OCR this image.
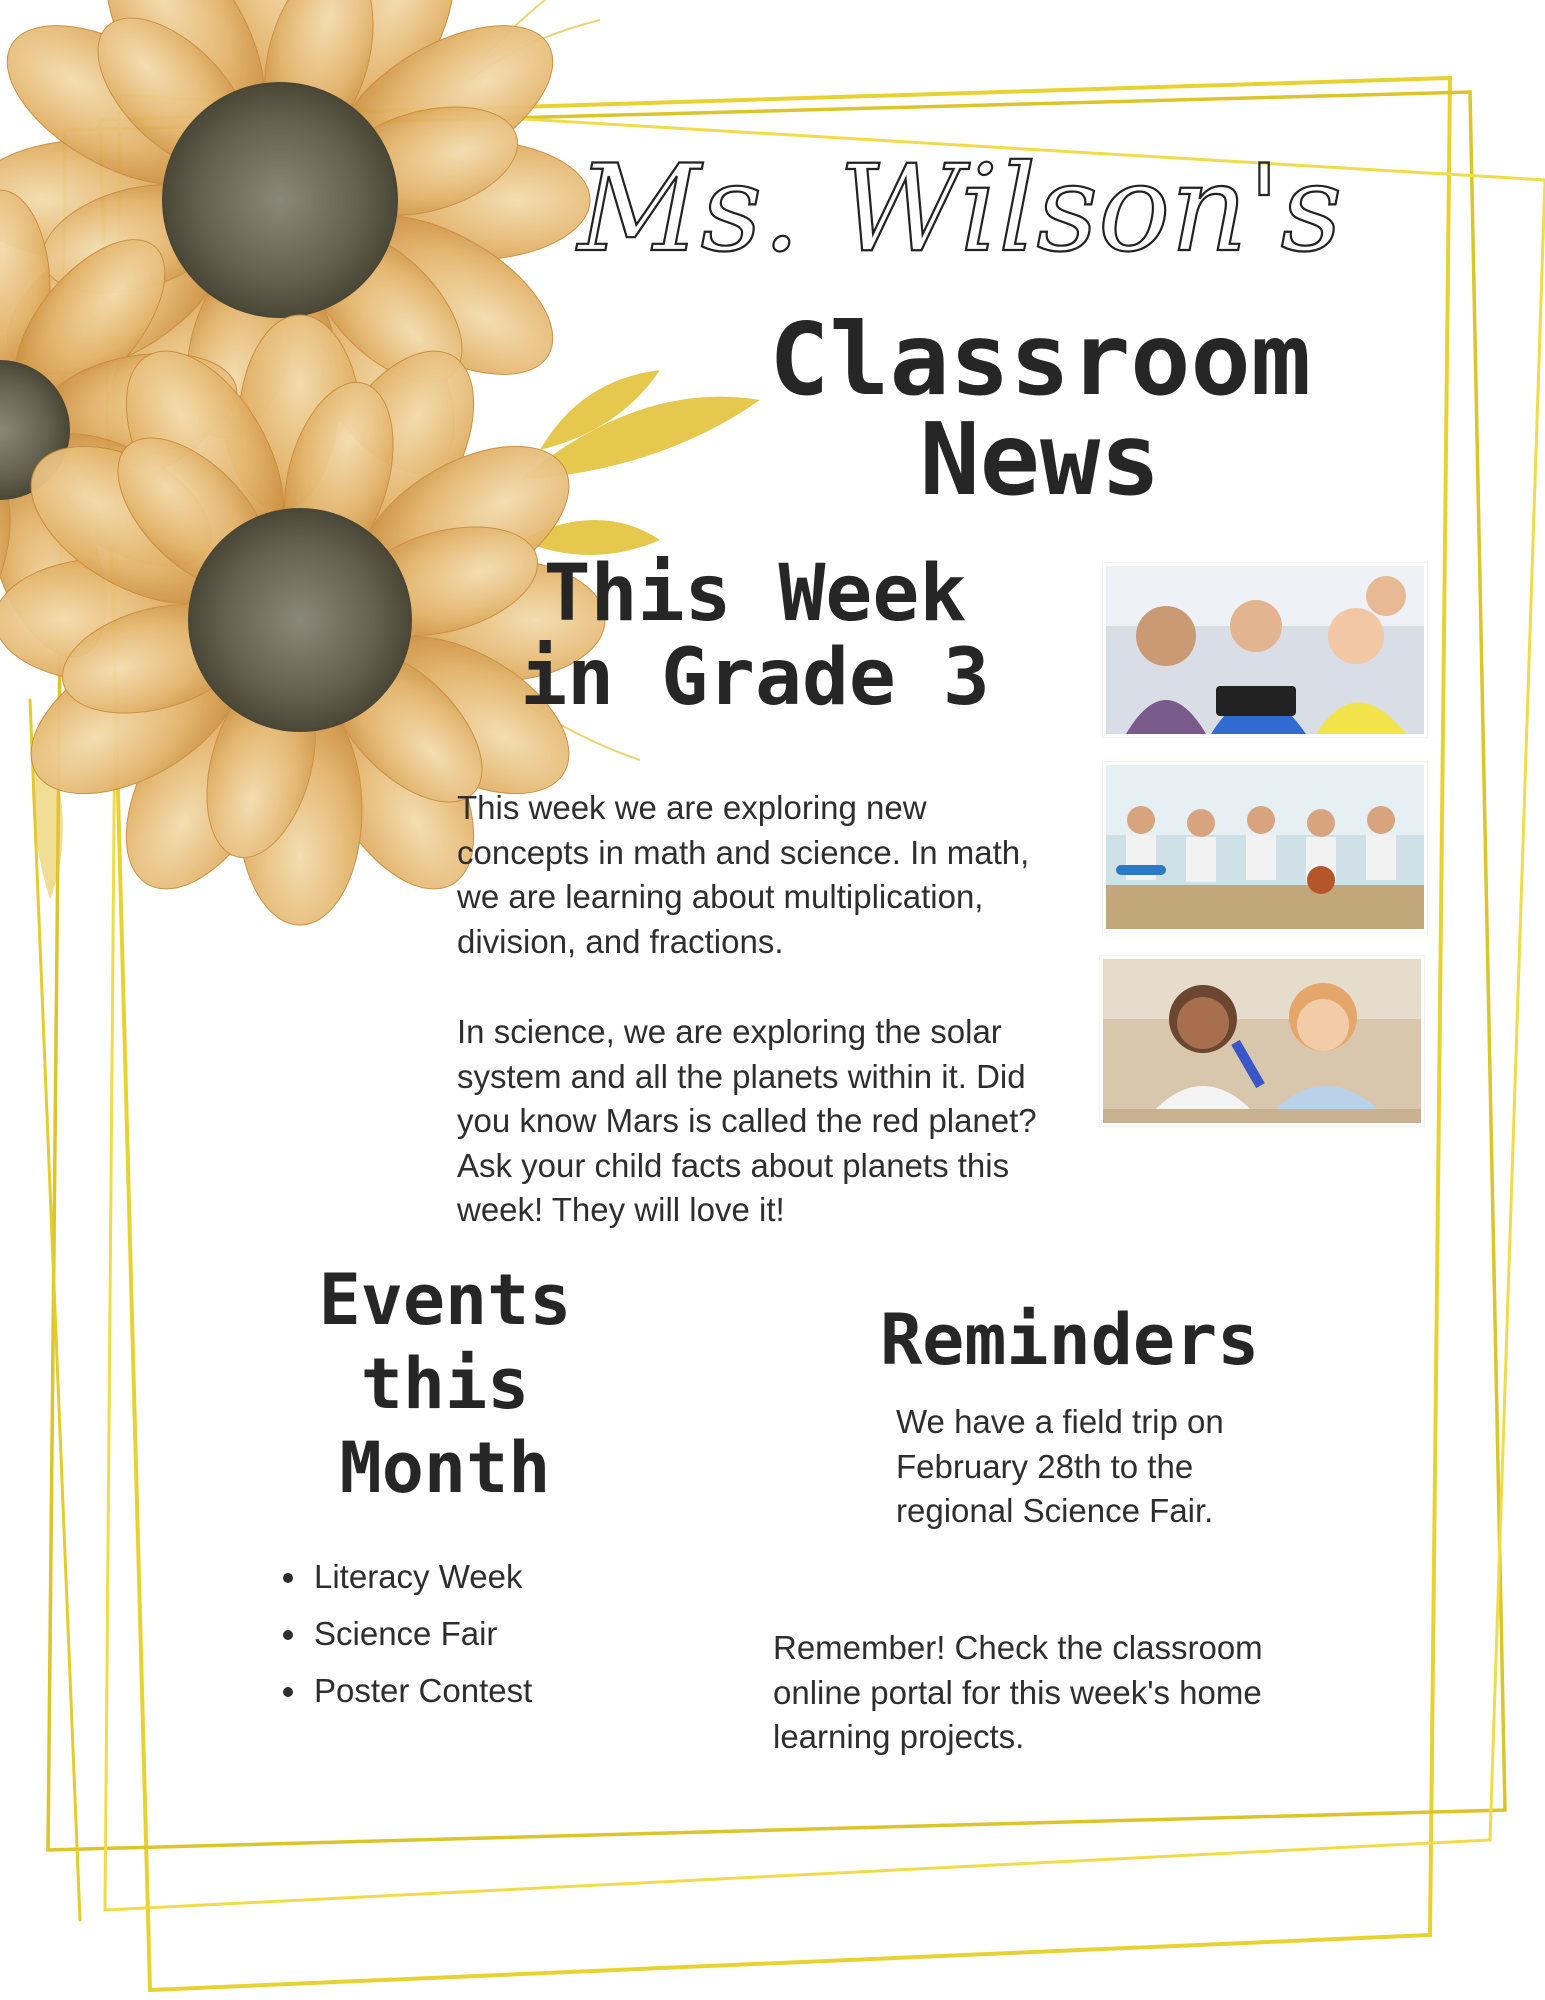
Ms. Wilson's
Classroom News
This Week in Grade 3

This week we are exploring new concepts in math and science. In math, we are learning about multiplication, division, and fractions.

In science, we are exploring the solar system and all the planets within it. Did you know Mars is called the red planet? Ask your child facts about planets this week! They will love it!

Events this Month
• Literacy Week
• Science Fair
• Poster Contest
Reminders

We have a field trip on February 28th to the regional Science Fair.

Remember! Check the classroom online portal for this week's home learning projects.
